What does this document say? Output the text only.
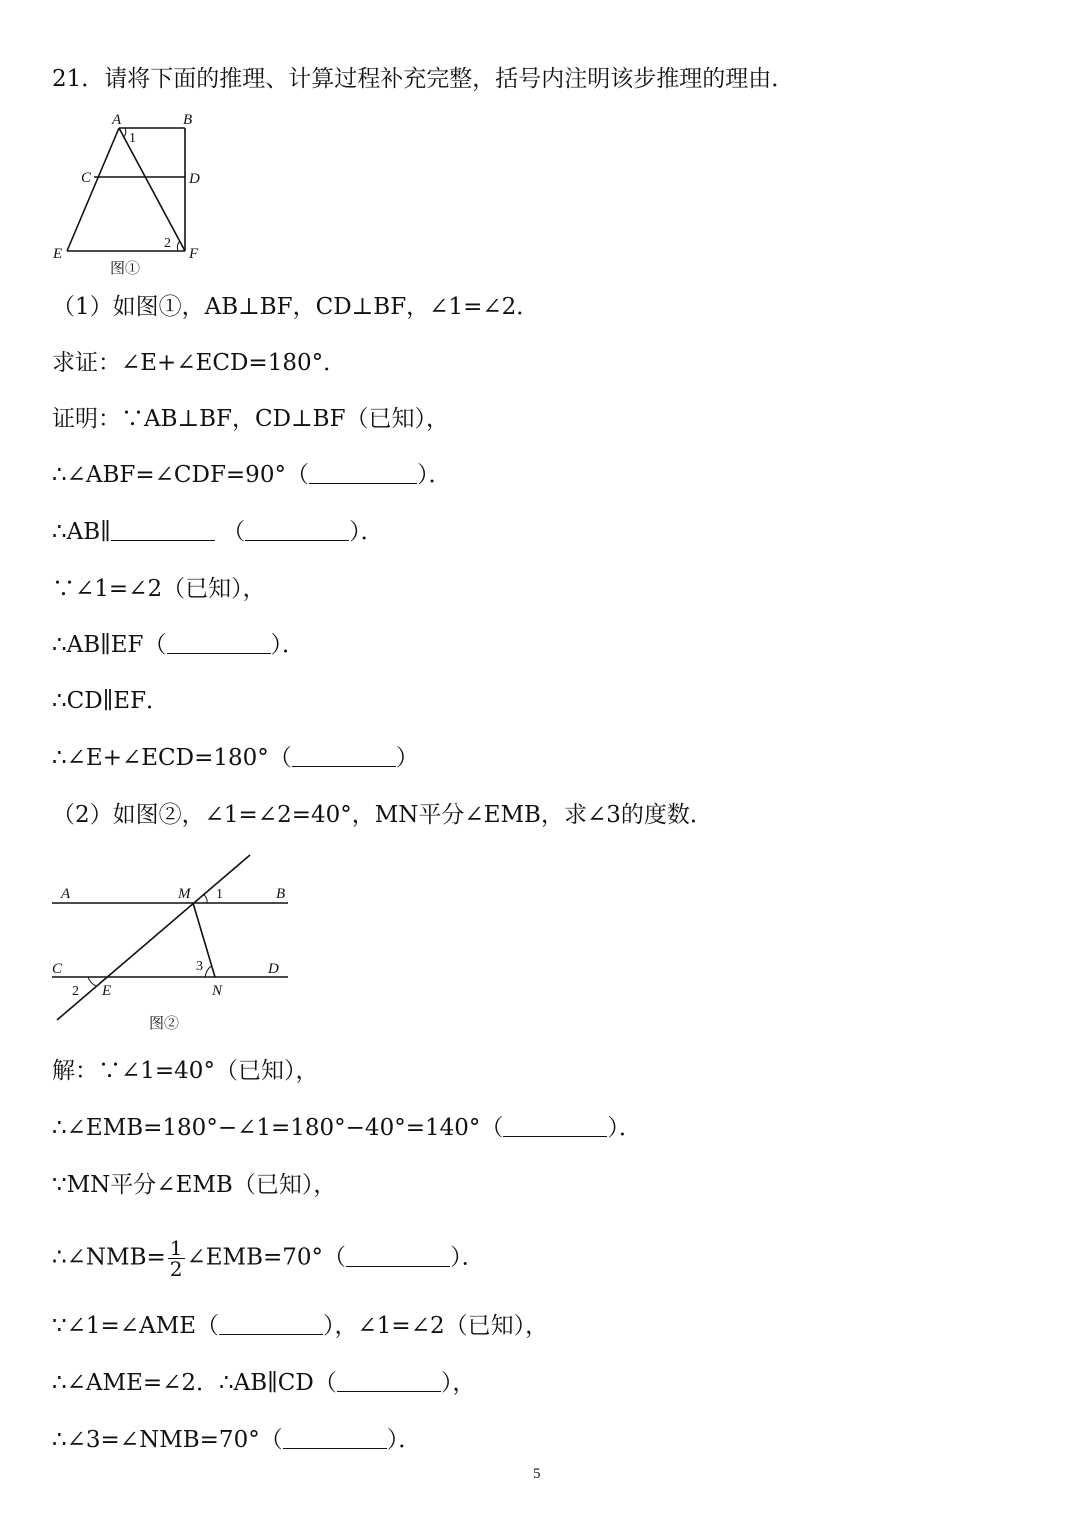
21．请将下面的推理、计算过程补充完整，括号内注明该步推理的理由．
A	B
C	D
E	F
1
2
图①
（1）如图①，AB⊥BF，CD⊥BF，∠1=∠2．
求证：∠E+∠ECD=180°．
证明：∵AB⊥BF，CD⊥BF（已知），
∴∠ABF=∠CDF=90°（	）．
∴AB∥	（	）．
∵∠1=∠2（已知），
∴AB∥EF（	）．
∴CD∥EF．
∴∠E+∠ECD=180°（	）
（2）如图②，∠1=∠2=40°，MN平分∠EMB，求∠3的度数．
A	B
M 1
C	D
3
2 E	N
图②
解：∵∠1=40°（已知），
∴∠EMB=180°−∠1=180°−40°=140°（	）．
∵MN平分∠EMB（已知），
∴∠NMB= $\frac{1}{2}$ ∠EMB=70°（	）．
∵∠1=∠AME（	），∠1=∠2（已知），
∴∠AME=∠2．∴AB∥CD（	），
∴∠3=∠NMB=70°（	）．
5
